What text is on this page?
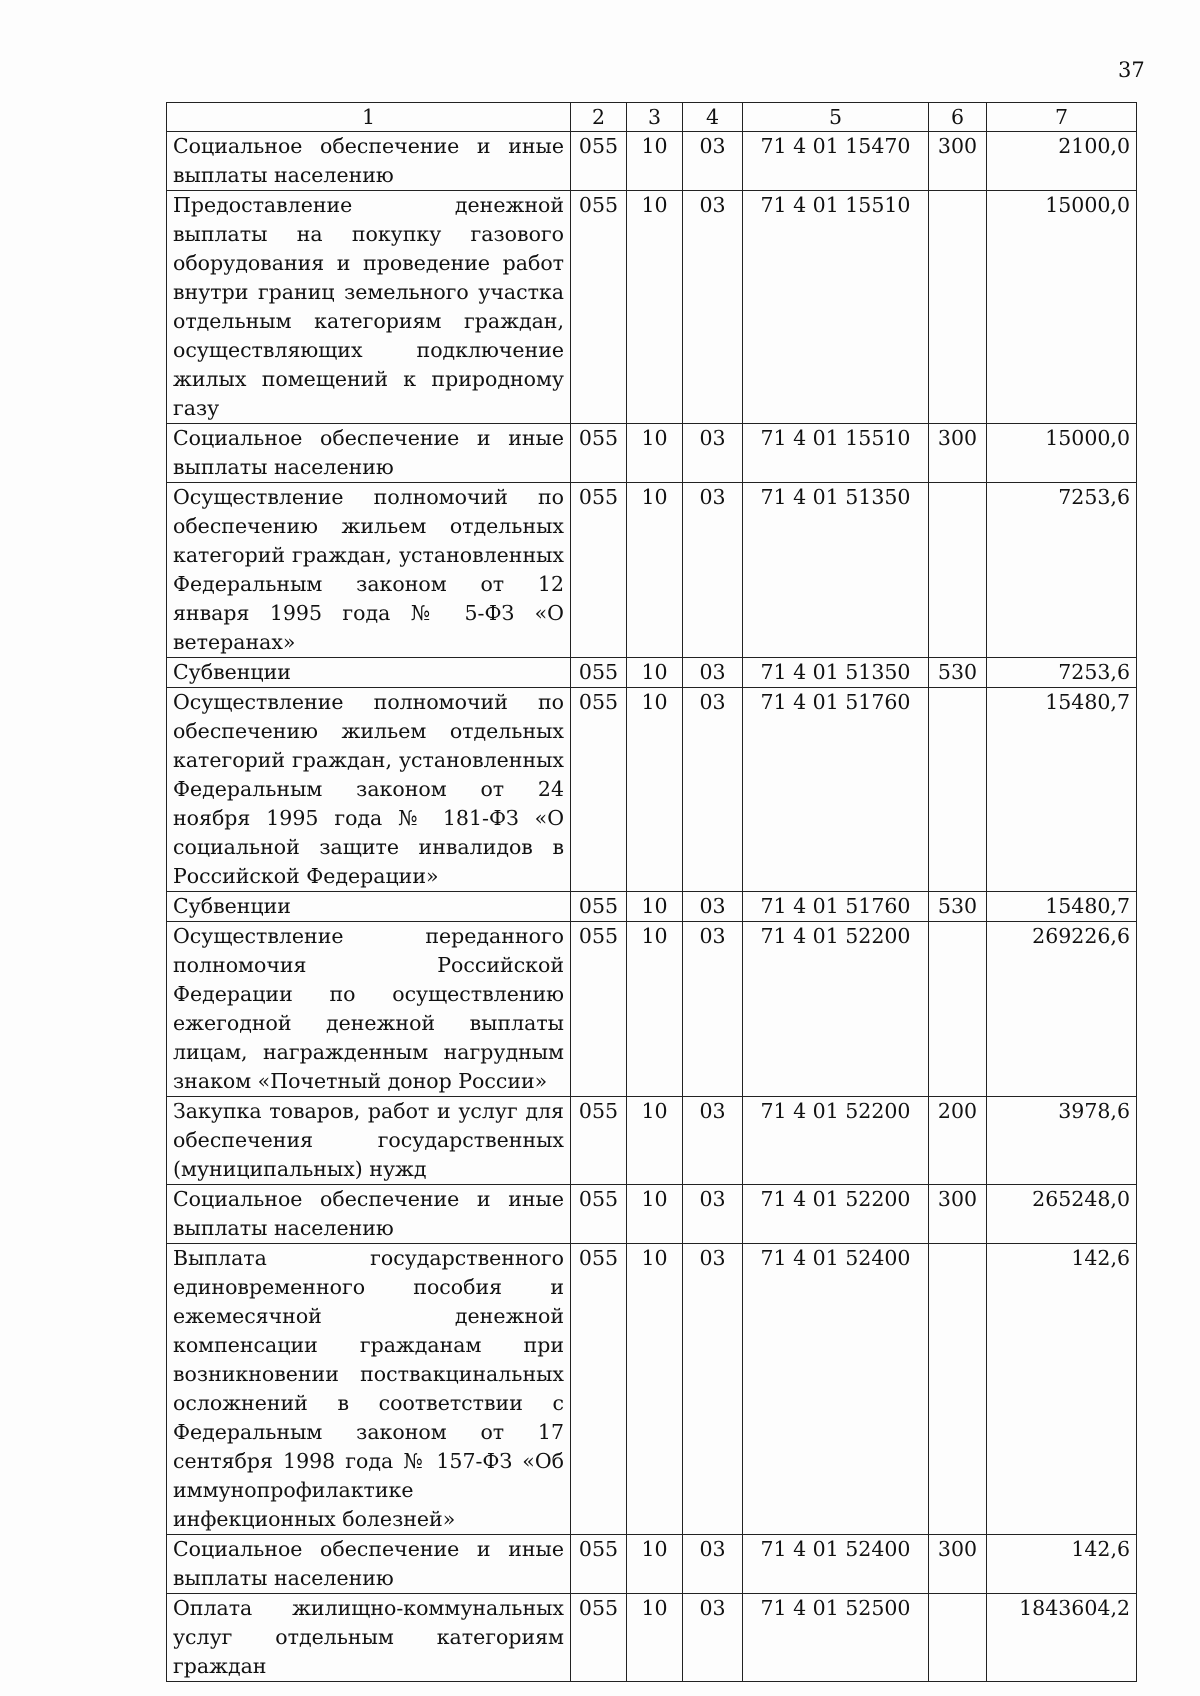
37
1	2	3	4	5	6	7
Социальное обеспечение и иные выплаты населению	055	10	03	71 4 01 15470	300	2100,0
Предоставление денежной выплаты на покупку газового оборудования и проведение работ внутри границ земельного участка отдельным категориям граждан, осуществляющих подключение жилых помещений к природному газу	055	10	03	71 4 01 15510		15000,0
Социальное обеспечение и иные выплаты населению	055	10	03	71 4 01 15510	300	15000,0
Осуществление полномочий по обеспечению жильем отдельных категорий граждан, установленных Федеральным законом от 12 января 1995 года № 5-ФЗ «О ветеранах»	055	10	03	71 4 01 51350		7253,6
Субвенции	055	10	03	71 4 01 51350	530	7253,6
Осуществление полномочий по обеспечению жильем отдельных категорий граждан, установленных Федеральным законом от 24 ноября 1995 года № 181-ФЗ «О социальной защите инвалидов в Российской Федерации»	055	10	03	71 4 01 51760		15480,7
Субвенции	055	10	03	71 4 01 51760	530	15480,7
Осуществление переданного полномочия Российской Федерации по осуществлению ежегодной денежной выплаты лицам, награжденным нагрудным знаком «Почетный донор России»	055	10	03	71 4 01 52200		269226,6
Закупка товаров, работ и услуг для обеспечения государственных (муниципальных) нужд	055	10	03	71 4 01 52200	200	3978,6
Социальное обеспечение и иные выплаты населению	055	10	03	71 4 01 52200	300	265248,0
Выплата государственного единовременного пособия и ежемесячной денежной компенсации гражданам при возникновении поствакцинальных осложнений в соответствии с Федеральным законом от 17 сентября 1998 года № 157-ФЗ «Об иммунопрофилактике инфекционных болезней»	055	10	03	71 4 01 52400		142,6
Социальное обеспечение и иные выплаты населению	055	10	03	71 4 01 52400	300	142,6
Оплата жилищно-коммунальных услуг отдельным категориям граждан	055	10	03	71 4 01 52500		1843604,2
